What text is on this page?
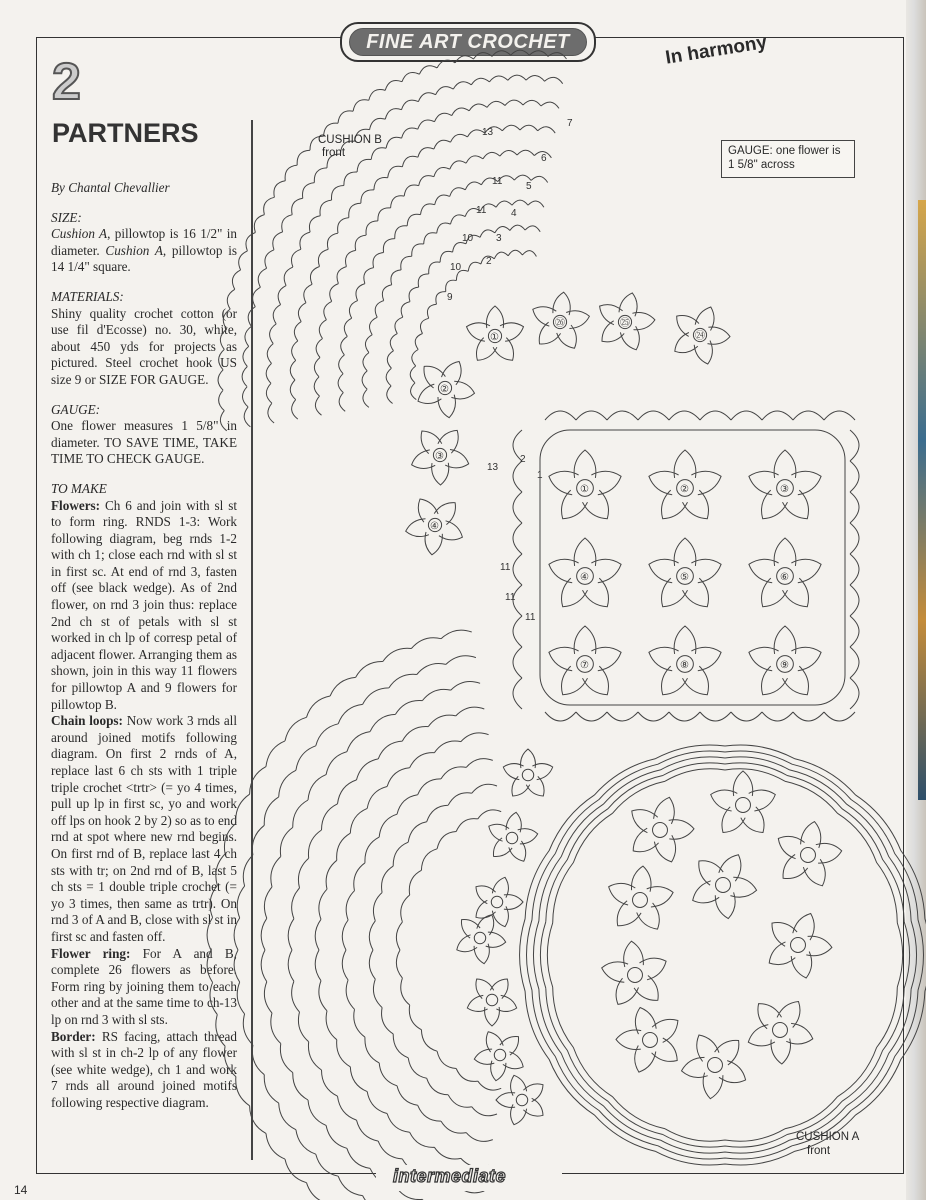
FINE ART CROCHET	In harmony
2
PARTNERS

By Chantal Chevallier

SIZE:

Cushion A, pillowtop is 16 1/2" in diameter. Cushion A, pillowtop is 14 1/4" square.

MATERIALS:

Shiny quality crochet cotton (or use fil d'Ecosse) no. 30, white, about 450 yds for projects as pictured. Steel crochet hook US size 9 or SIZE FOR GAUGE.

GAUGE:

One flower measures 1 5/8" in diameter. TO SAVE TIME, TAKE TIME TO CHECK GAUGE.

TO MAKE

Flowers: Ch 6 and join with sl st to form ring. RNDS 1-3: Work following diagram, beg rnds 1-2 with ch 1; close each rnd with sl st in first sc. At end of rnd 3, fasten off (see black wedge). As of 2nd flower, on rnd 3 join thus: replace 2nd ch st of petals with sl st worked in ch lp of corresp petal of adjacent flower. Arranging them as shown, join in this way 11 flowers for pillowtop A and 9 flowers for pillowtop B.

Chain loops: Now work 3 rnds all around joined motifs following diagram. On first 2 rnds of A, replace last 6 ch sts with 1 triple triple crochet <trtr> (= yo 4 times, pull up lp in first sc, yo and work off lps on hook 2 by 2) so as to end rnd at spot where new rnd begins. On first rnd of B, replace last 4 ch sts with tr; on 2nd rnd of B, last 5 ch sts = 1 double triple crochet (= yo 3 times, then same as trtr). On rnd 3 of A and B, close with sl st in first sc and fasten off.

Flower ring: For A and B, complete 26 flowers as before. Form ring by joining them to each other and at the same time to ch-13 lp on rnd 3 with sl sts.

Border: RS facing, attach thread with sl st in ch-2 lp of any flower (see white wedge), ch 1 and work 7 rnds all around joined motifs following respective diagram.

13
7
6
5
4
3
2
11
11
10
10
9
13
2
1
11
11
11
①
㉖	㉕
㉔
②
③
④
①	②	③
④	⑤	⑥
⑦	⑧	⑨
CUSHION B
front	GAUGE: one flower is 1 5/8" across
CUSHION A
front
intermediate
14
